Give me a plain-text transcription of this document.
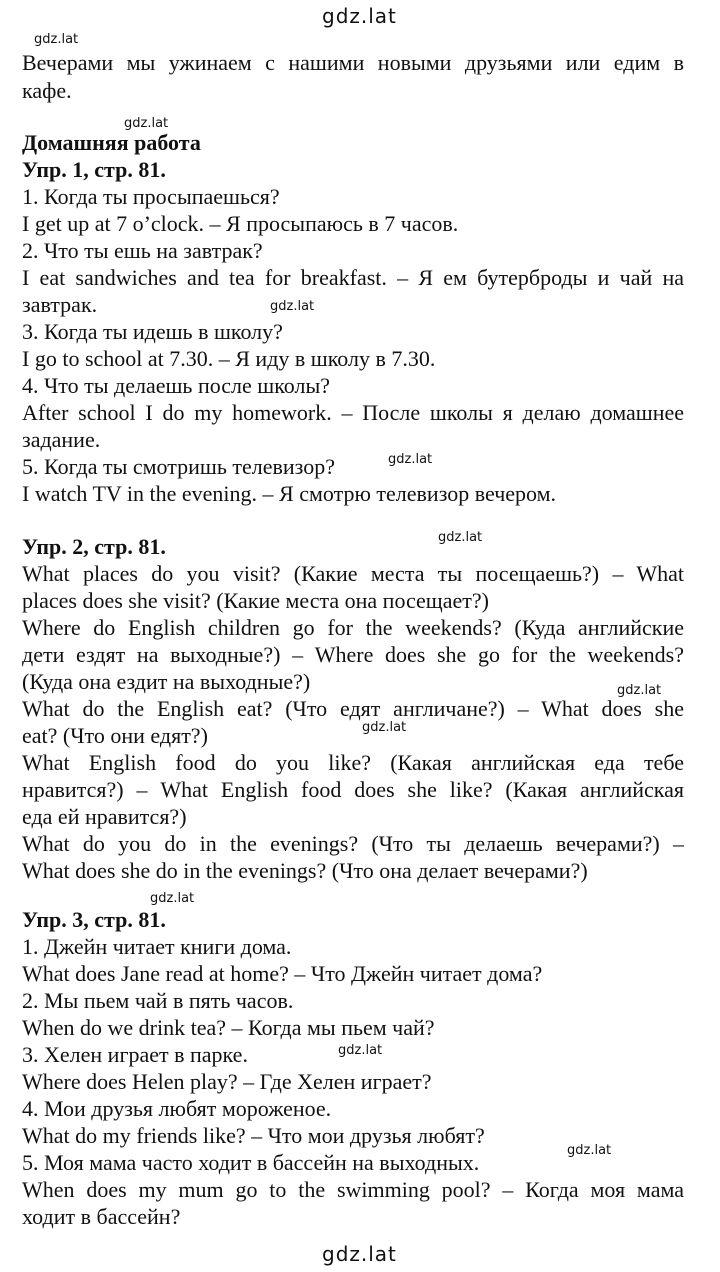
Вечерами мы ужинаем с нашими новыми друзьями или едим в
кафе.
Домашняя работа
Упр. 1, стр. 81.
1. Когда ты просыпаешься?
I get up at 7 o’clock. – Я просыпаюсь в 7 часов.
2. Что ты ешь на завтрак?
I eat sandwiches and tea for breakfast. – Я ем бутерброды и чай на
завтрак.
3. Когда ты идешь в школу?
I go to school at 7.30. – Я иду в школу в 7.30.
4. Что ты делаешь после школы?
After school I do my homework. – После школы я делаю домашнее
задание.
5. Когда ты смотришь телевизор?
I watch TV in the evening. – Я смотрю телевизор вечером.
Упр. 2, стр. 81.
What places do you visit? (Какие места ты посещаешь?) – What
places does she visit? (Какие места она посещает?)
Where do English children go for the weekends? (Куда английские
дети ездят на выходные?) – Where does she go for the weekends?
(Куда она ездит на выходные?)
What do the English eat? (Что едят англичане?) – What does she
eat? (Что они едят?)
What English food do you like? (Какая английская еда тебе
нравится?) – What English food does she like? (Какая английская
еда ей нравится?)
What do you do in the evenings? (Что ты делаешь вечерами?) –
What does she do in the evenings? (Что она делает вечерами?)
Упр. 3, стр. 81.
1. Джейн читает книги дома.
What does Jane read at home? – Что Джейн читает дома?
2. Мы пьем чай в пять часов.
When do we drink tea? – Когда мы пьем чай?
3. Хелен играет в парке.
Where does Helen play? – Где Хелен играет?
4. Мои друзья любят мороженое.
What do my friends like? – Что мои друзья любят?
5. Моя мама часто ходит в бассейн на выходных.
When does my mum go to the swimming pool? – Когда моя мама
ходит в бассейн?
gdz.lat
gdz.lat
gdz.lat
gdz.lat
gdz.lat
gdz.lat
gdz.lat
gdz.lat
gdz.lat
gdz.lat
gdz.lat
gdz.lat
